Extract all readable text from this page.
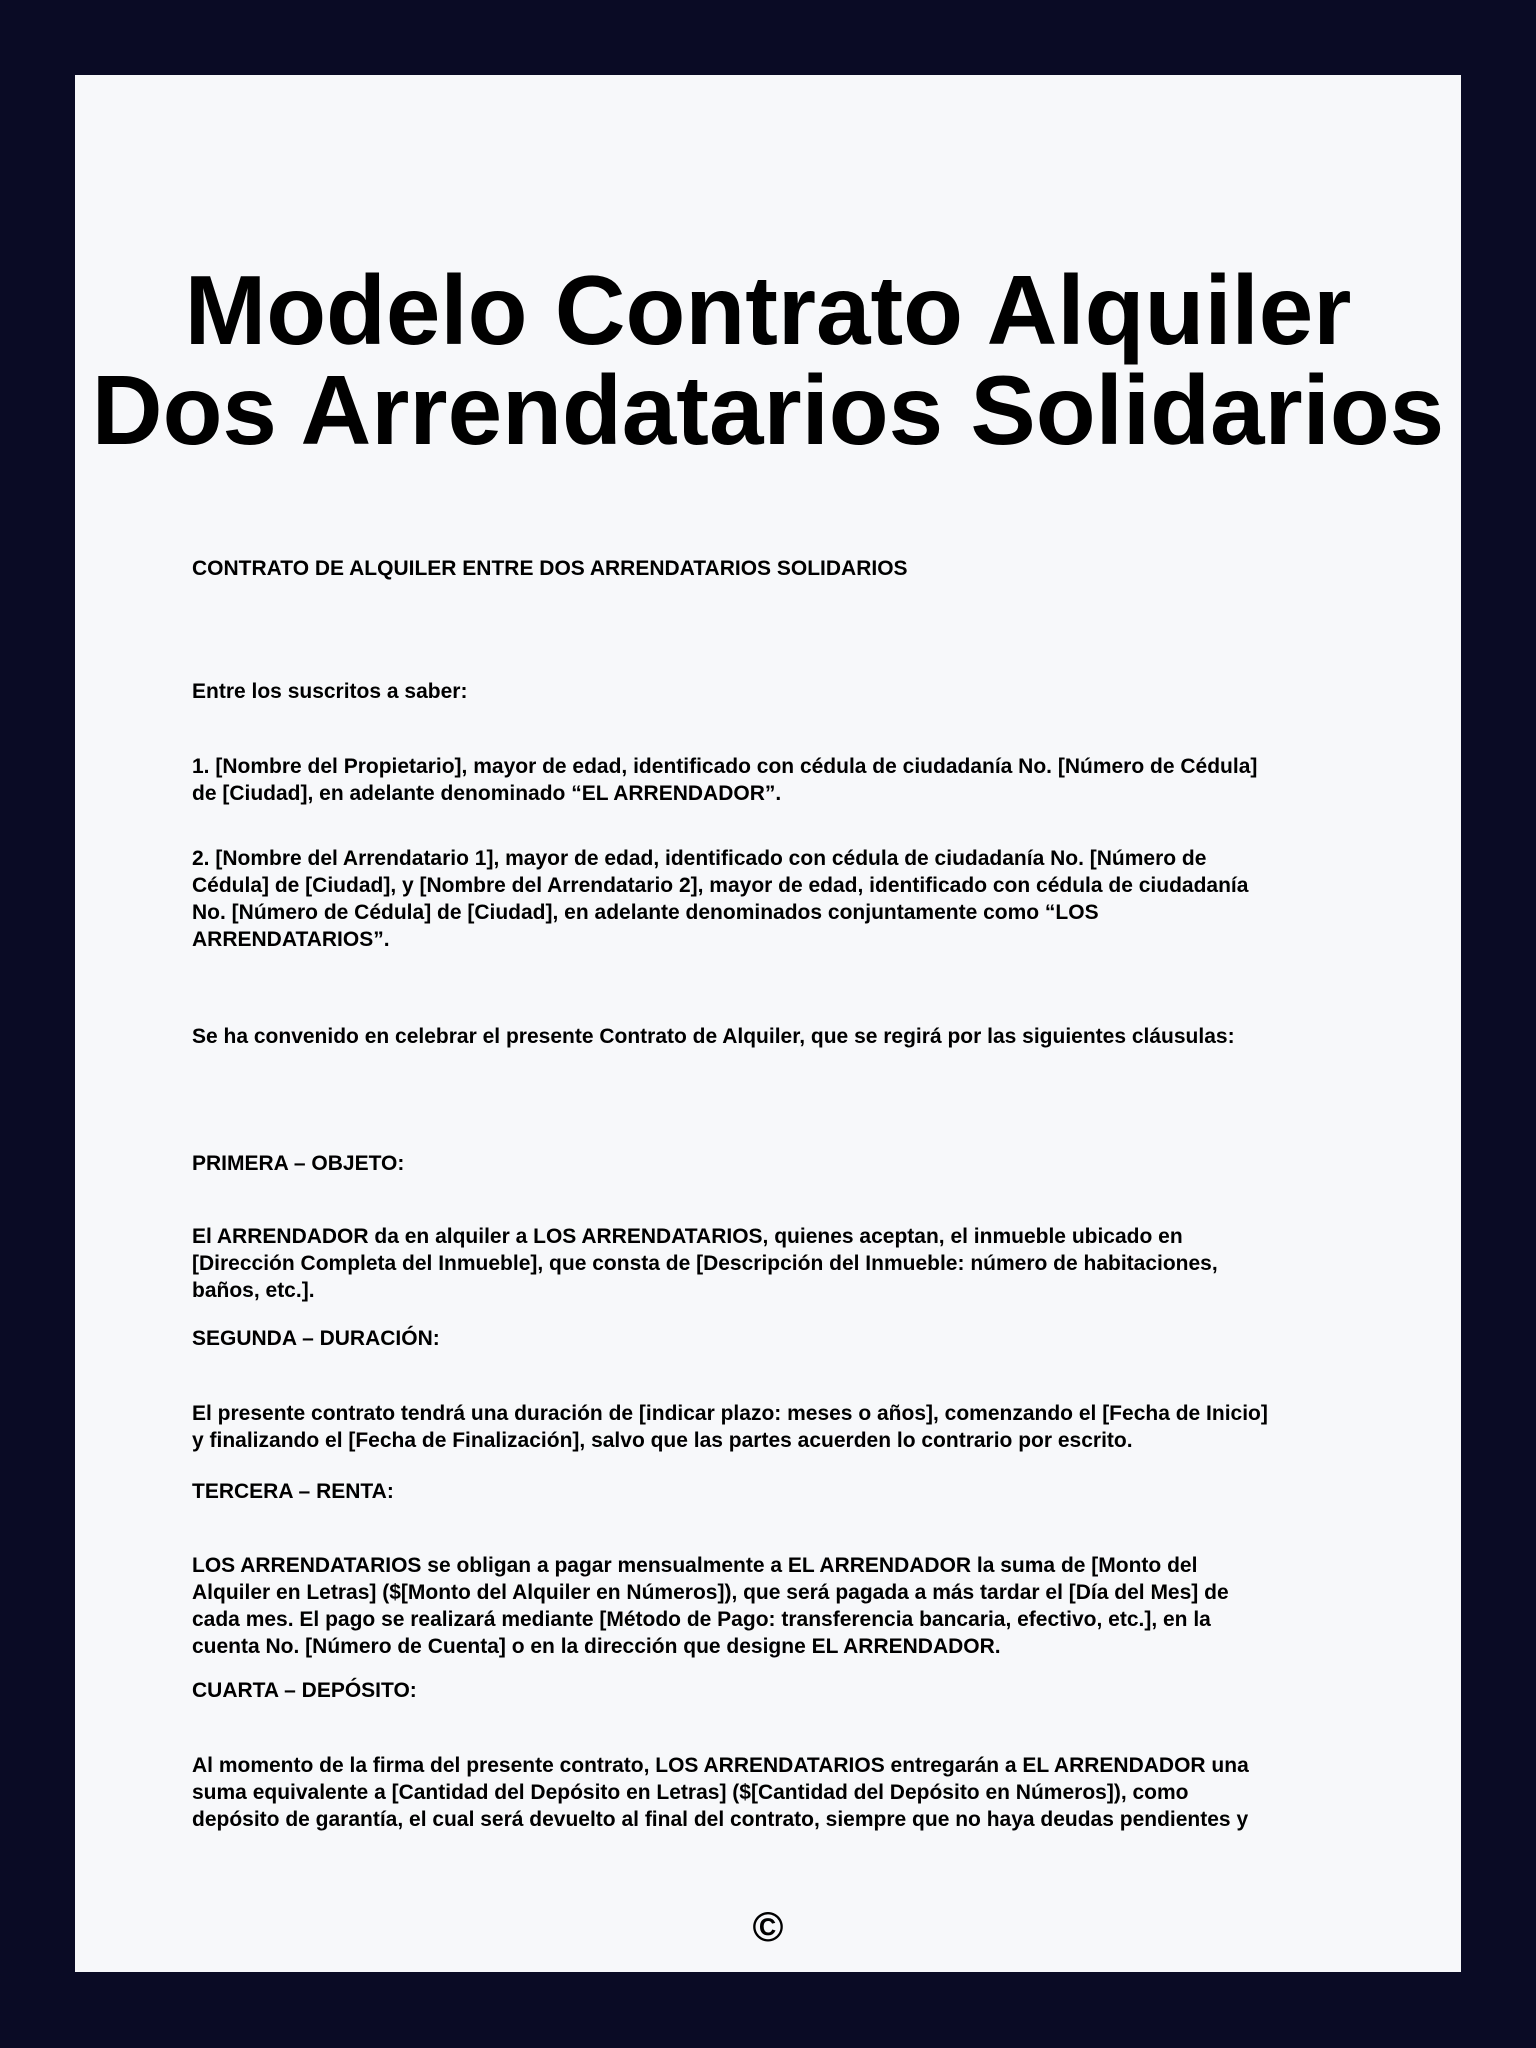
Modelo Contrato Alquiler
Dos Arrendatarios Solidarios
CONTRATO DE ALQUILER ENTRE DOS ARRENDATARIOS SOLIDARIOS

Entre los suscritos a saber:

1. [Nombre del Propietario], mayor de edad, identificado con cédula de ciudadanía No. [Número de Cédula] de [Ciudad], en adelante denominado “EL ARRENDADOR”.

2. [Nombre del Arrendatario 1], mayor de edad, identificado con cédula de ciudadanía No. [Número de Cédula] de [Ciudad], y [Nombre del Arrendatario 2], mayor de edad, identificado con cédula de ciudadanía No. [Número de Cédula] de [Ciudad], en adelante denominados conjuntamente como “LOS ARRENDATARIOS”.

Se ha convenido en celebrar el presente Contrato de Alquiler, que se regirá por las siguientes cláusulas:

PRIMERA – OBJETO:

El ARRENDADOR da en alquiler a LOS ARRENDATARIOS, quienes aceptan, el inmueble ubicado en [Dirección Completa del Inmueble], que consta de [Descripción del Inmueble: número de habitaciones, baños, etc.].

SEGUNDA – DURACIÓN:

El presente contrato tendrá una duración de [indicar plazo: meses o años], comenzando el [Fecha de Inicio] y finalizando el [Fecha de Finalización], salvo que las partes acuerden lo contrario por escrito.

TERCERA – RENTA:

LOS ARRENDATARIOS se obligan a pagar mensualmente a EL ARRENDADOR la suma de [Monto del Alquiler en Letras] ($[Monto del Alquiler en Números]), que será pagada a más tardar el [Día del Mes] de cada mes. El pago se realizará mediante [Método de Pago: transferencia bancaria, efectivo, etc.], en la cuenta No. [Número de Cuenta] o en la dirección que designe EL ARRENDADOR.

CUARTA – DEPÓSITO:

Al momento de la firma del presente contrato, LOS ARRENDATARIOS entregarán a EL ARRENDADOR una suma equivalente a [Cantidad del Depósito en Letras] ($[Cantidad del Depósito en Números]), como depósito de garantía, el cual será devuelto al final del contrato, siempre que no haya deudas pendientes y

©
